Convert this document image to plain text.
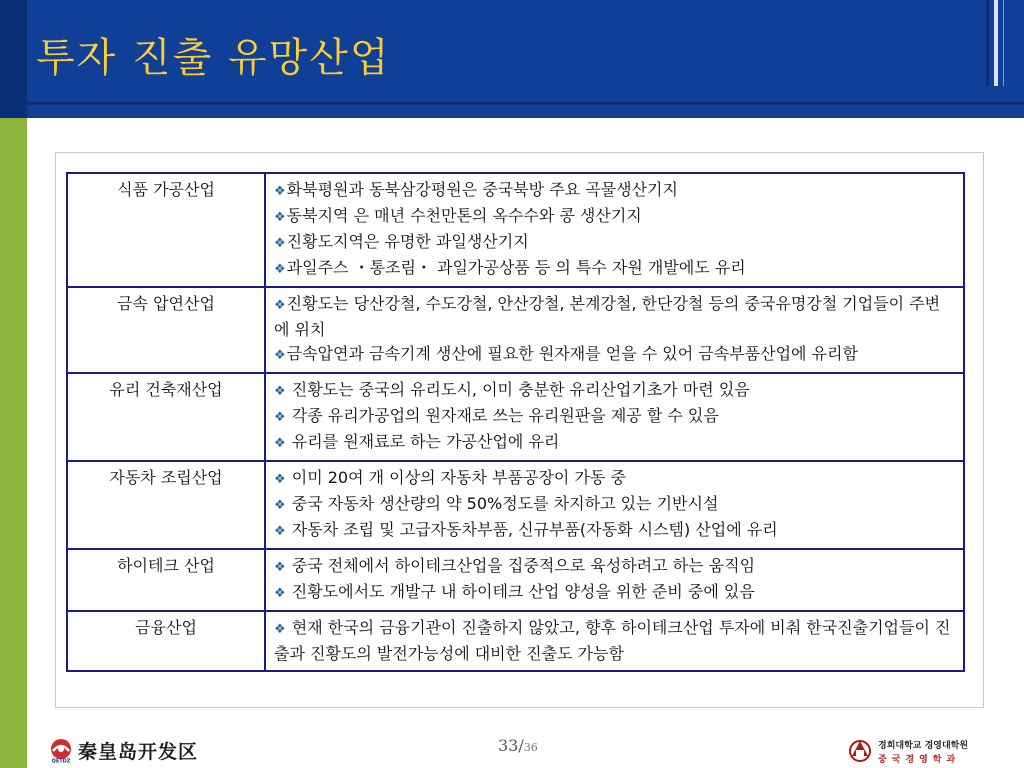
투자 진출 유망산업
식품 가공산업	❖화북평원과 동북삼강평원은 중국북방 주요 곡물생산기지
❖동북지역 은 매년 수천만톤의 옥수수와 콩 생산기지
❖진황도지역은 유명한 과일생산기지
❖과일주스 ・통조림・ 과일가공상품 등 의 특수 자원 개발에도 유리

금속 압연산업	❖진황도는 당산강철, 수도강철, 안산강철, 본계강철, 한단강철 등의 중국유명강철 기업들이 주변에 위치
❖금속압연과 금속기계 생산에 필요한 원자재를 얻을 수 있어 금속부품산업에 유리함

유리 건축재산업	❖ 진황도는 중국의 유리도시, 이미 충분한 유리산업기초가 마련 있음
❖ 각종 유리가공업의 원자재로 쓰는 유리원판을 제공 할 수 있음
❖ 유리를 원재료로 하는 가공산업에 유리

자동차 조립산업	❖ 이미 20여 개 이상의 자동차 부품공장이 가동 중
❖ 중국 자동차 생산량의 약 50%정도를 차지하고 있는 기반시설
❖ 자동차 조립 및 고급자동차부품, 신규부품(자동화 시스템) 산업에 유리

하이테크 산업	❖ 중국 전체에서 하이테크산업을 집중적으로 육성하려고 하는 움직임
❖ 진황도에서도 개발구 내 하이테크 산업 양성을 위한 준비 중에 있음

금융산업	❖ 현재 한국의 금융기관이 진출하지 않았고, 향후 하이테크산업 투자에 비춰 한국진출기업들이 진출과 진황도의 발전가능성에 대비한 진출도 가능함
QETDZ 秦皇岛开发区	33/36	경희대학교 경영대학원
중국경영학과
